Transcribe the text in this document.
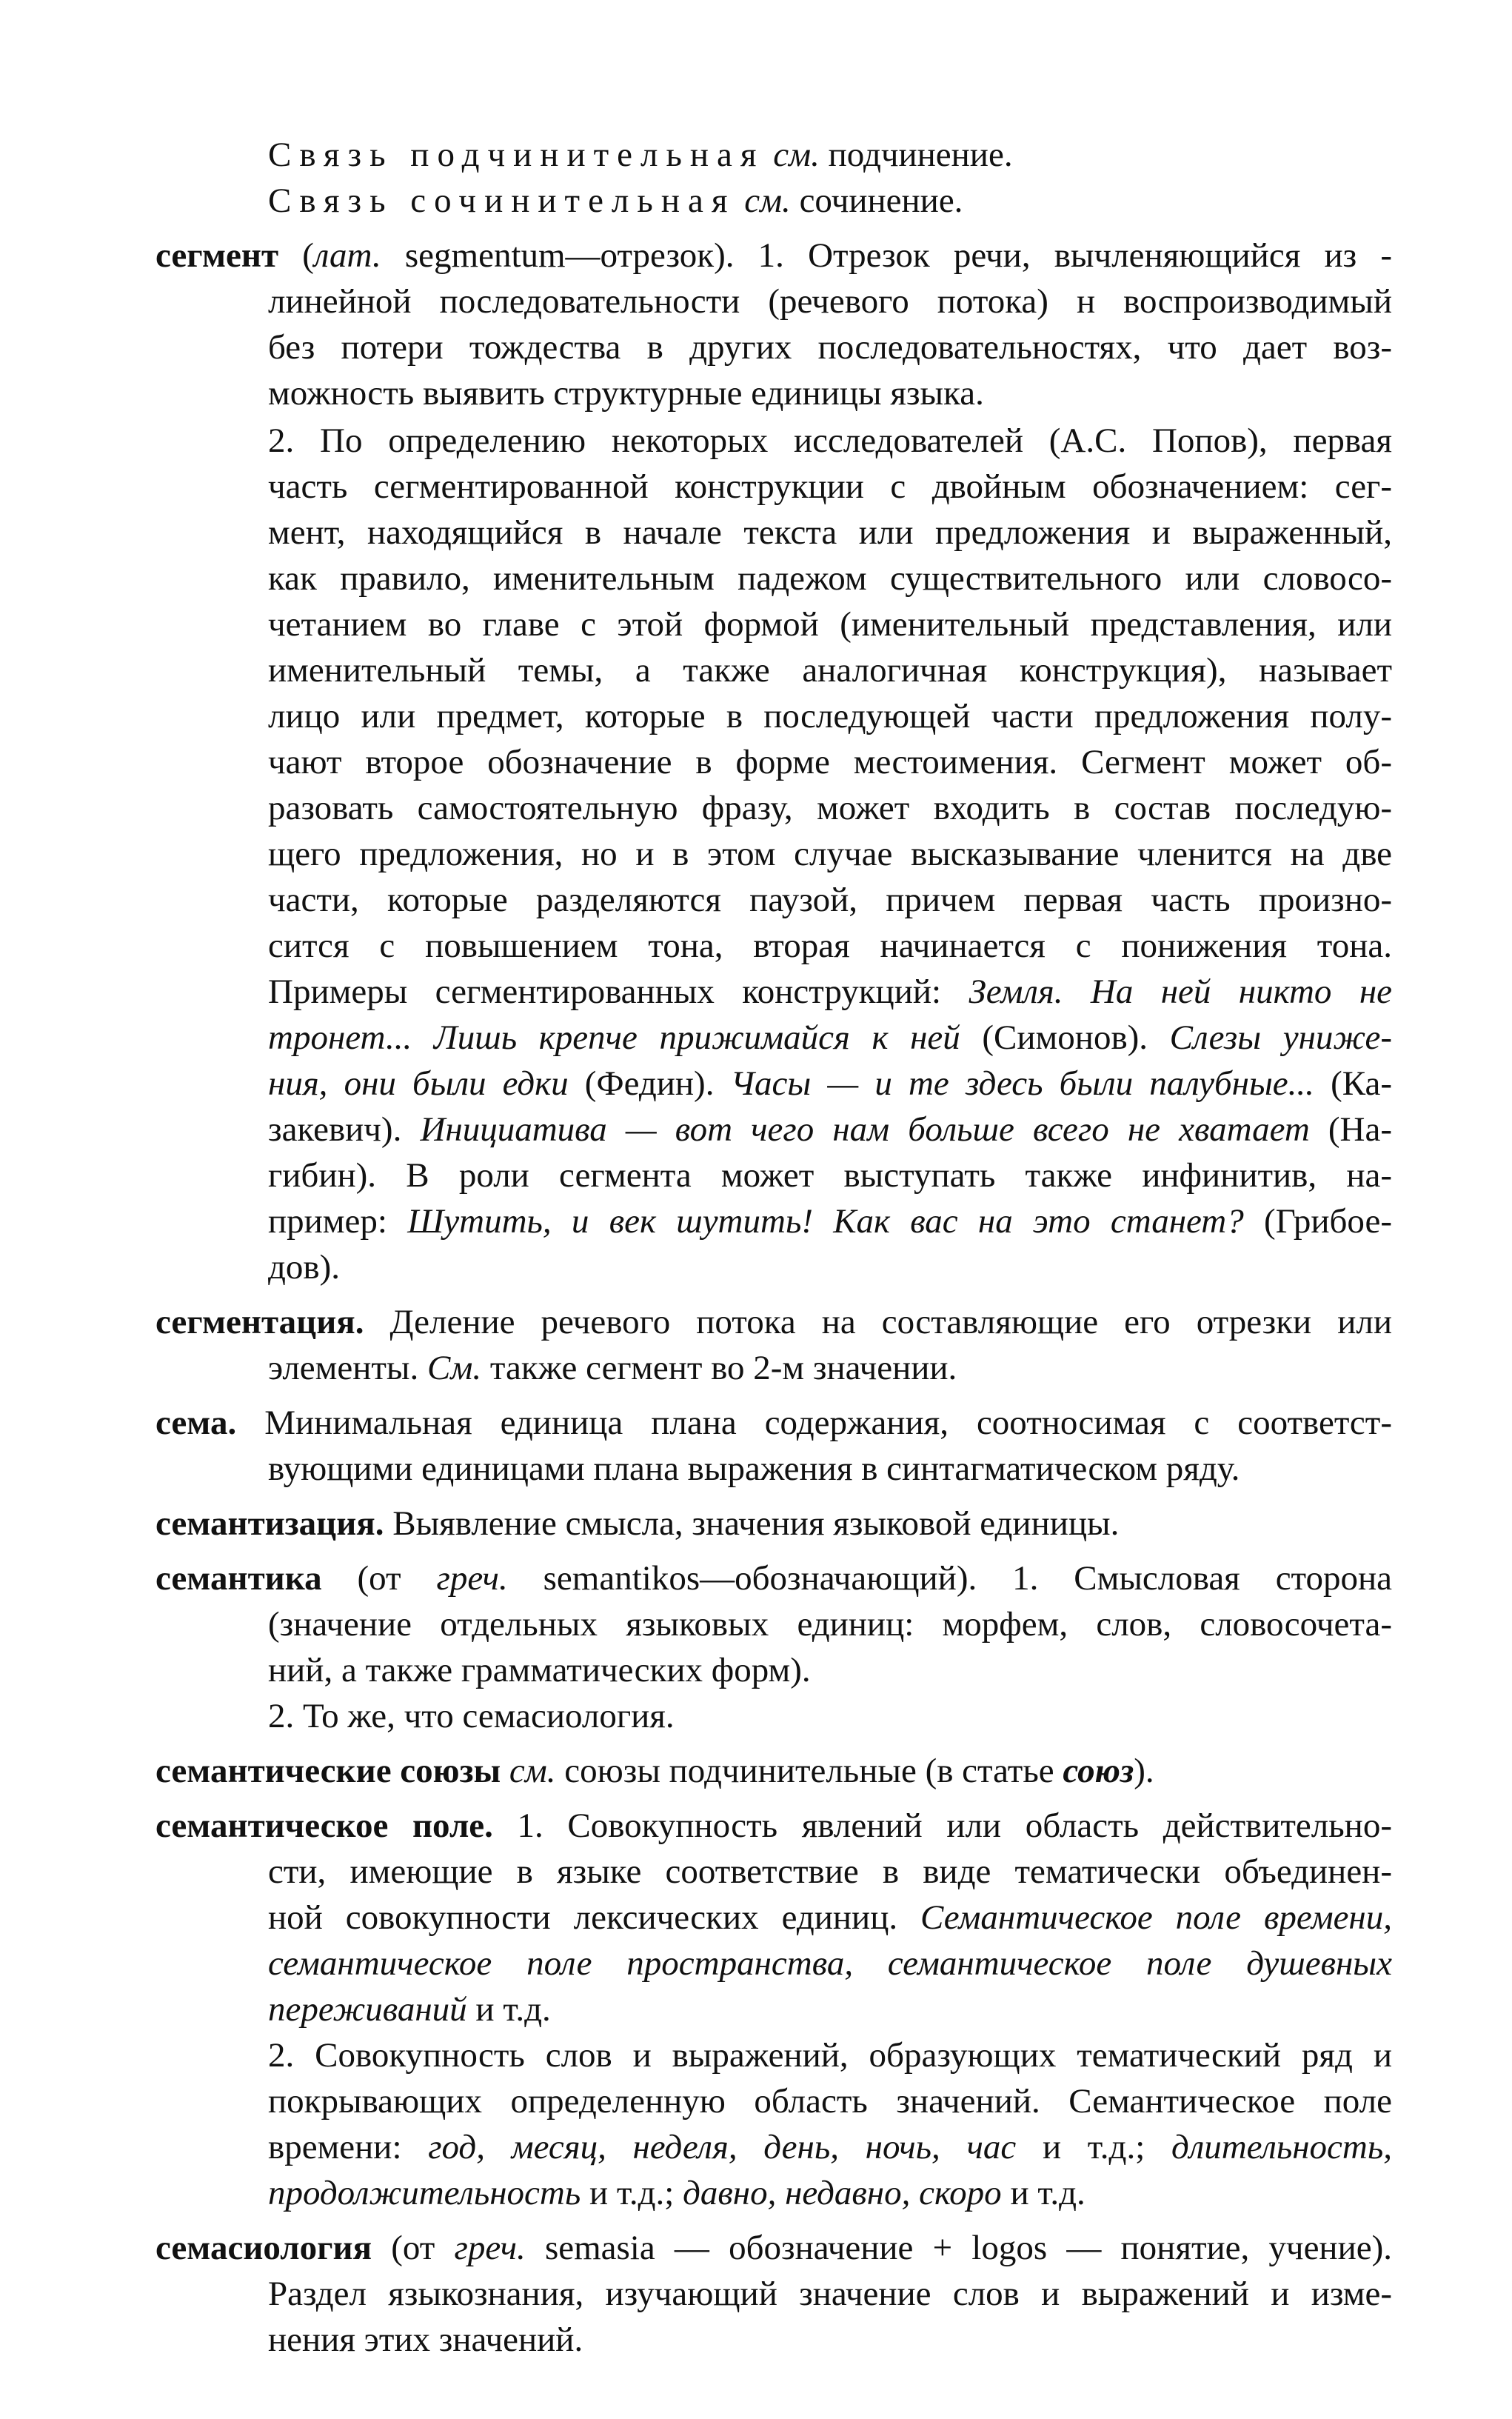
Связь подчинительная см. подчинение.
Связь сочинительная см. сочинение.
сегмент (лат. segmentum—отрезок). 1. Отрезок речи, вычленяющийся из -
линейной последовательности (речевого потока) н воспроизводимый
без потери тождества в других последовательностях, что дает воз-
можность выявить структурные единицы языка.
2. По определению некоторых исследователей (А.С. Попов), первая
часть сегментированной конструкции с двойным обозначением: сег-
мент, находящийся в начале текста или предложения и выраженный,
как правило, именительным падежом существительного или словосо-
четанием во главе с этой формой (именительный представления, или
именительный темы, а также аналогичная конструкция), называет
лицо или предмет, которые в последующей части предложения полу-
чают второе обозначение в форме местоимения. Сегмент может об-
разовать самостоятельную фразу, может входить в состав последую-
щего предложения, но и в этом случае высказывание членится на две
части, которые разделяются паузой, причем первая часть произно-
сится с повышением тона, вторая начинается с понижения тона.
Примеры сегментированных конструкций: Земля. На ней никто не
тронет... Лишь крепче прижимайся к ней (Симонов). Слезы униже-
ния, они были едки (Федин). Часы — и те здесь были палубные... (Ка-
закевич). Инициатива — вот чего нам больше всего не хватает (На-
гибин). В роли сегмента может выступать также инфинитив, на-
пример: Шутить, и век шутить! Как вас на это станет? (Грибое-
дов).
сегментация. Деление речевого потока на составляющие его отрезки или
элементы. См. также сегмент во 2-м значении.
сема. Минимальная единица плана содержания, соотносимая с соответст-
вующими единицами плана выражения в синтагматическом ряду.
семантизация. Выявление смысла, значения языковой единицы.
семантика (от греч. semantikos—обозначающий). 1. Смысловая сторона
(значение отдельных языковых единиц: морфем, слов, словосочета-
ний, а также грамматических форм).
2. То же, что семасиология.
семантические союзы см. союзы подчинительные (в статье союз).
семантическое поле. 1. Совокупность явлений или область действительно-
сти, имеющие в языке соответствие в виде тематически объединен-
ной совокупности лексических единиц. Семантическое поле времени,
семантическое поле пространства, семантическое поле душевных
переживаний и т.д.
2. Совокупность слов и выражений, образующих тематический ряд и
покрывающих определенную область значений. Семантическое поле
времени: год, месяц, неделя, день, ночь, час и т.д.; длительность,
продолжительность и т.д.; давно, недавно, скоро и т.д.
семасиология (от греч. semasia — обозначение + logos — понятие, учение).
Раздел языкознания, изучающий значение слов и выражений и изме-
нения этих значений.
